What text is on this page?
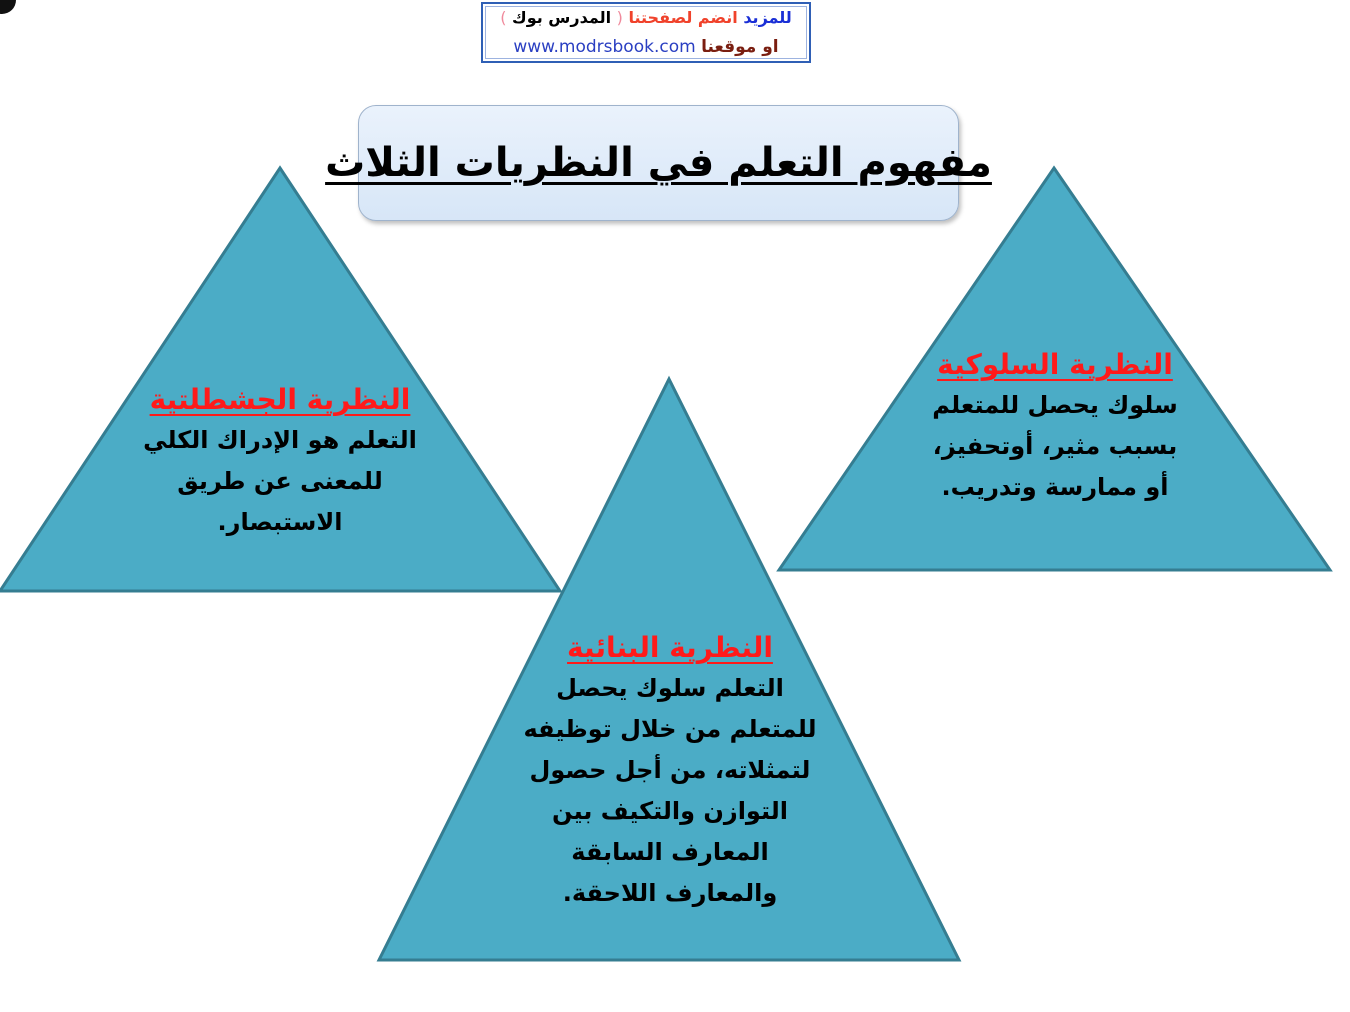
للمزيد انضم لصفحتنا ( المدرس بوك )
او موقعنا www.modrsbook.com
مفهوم التعلم في النظريات الثلاث
النظرية الجشطلتية
التعلم هو الإدراك الكلي
للمعنى عن طريق
الاستبصار.
النظرية السلوكية
سلوك يحصل للمتعلم
بسبب مثير، أوتحفيز،
أو ممارسة وتدريب.
النظرية البنائية
التعلم سلوك يحصل
للمتعلم من خلال توظيفه
لتمثلاته، من أجل حصول
التوازن والتكيف بين
المعارف السابقة
والمعارف اللاحقة.
